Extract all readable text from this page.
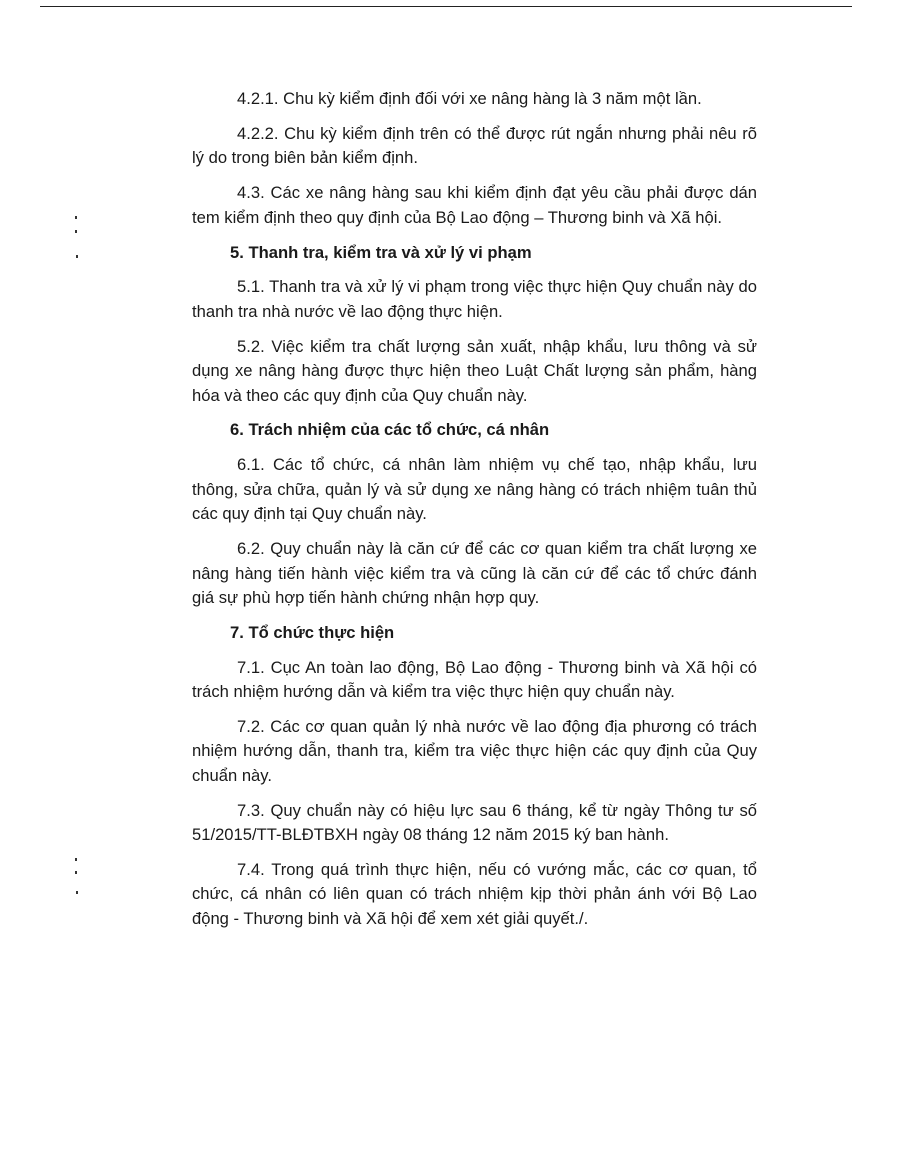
4.2.1. Chu kỳ kiểm định đối với xe nâng hàng là 3 năm một lần.

4.2.2. Chu kỳ kiểm định trên có thể được rút ngắn nhưng phải nêu rõ lý do trong biên bản kiểm định.

4.3. Các xe nâng hàng sau khi kiểm định đạt yêu cầu phải được dán tem kiểm định theo quy định của Bộ Lao động – Thương binh và Xã hội.

5. Thanh tra, kiểm tra và xử lý vi phạm

5.1. Thanh tra và xử lý vi phạm trong việc thực hiện Quy chuẩn này do thanh tra nhà nước về lao động thực hiện.

5.2. Việc kiểm tra chất lượng sản xuất, nhập khẩu, lưu thông và sử dụng xe nâng hàng được thực hiện theo Luật Chất lượng sản phẩm, hàng hóa và theo các quy định của Quy chuẩn này.

6. Trách nhiệm của các tổ chức, cá nhân

6.1. Các tổ chức, cá nhân làm nhiệm vụ chế tạo, nhập khẩu, lưu thông, sửa chữa, quản lý và sử dụng xe nâng hàng có trách nhiệm tuân thủ các quy định tại Quy chuẩn này.

6.2. Quy chuẩn này là căn cứ để các cơ quan kiểm tra chất lượng xe nâng hàng tiến hành việc kiểm tra và cũng là căn cứ để các tổ chức đánh giá sự phù hợp tiến hành chứng nhận hợp quy.

7. Tổ chức thực hiện

7.1. Cục An toàn lao động, Bộ Lao động - Thương binh và Xã hội có trách nhiệm hướng dẫn và kiểm tra việc thực hiện quy chuẩn này.

7.2. Các cơ quan quản lý nhà nước về lao động địa phương có trách nhiệm hướng dẫn, thanh tra, kiểm tra việc thực hiện các quy định của Quy chuẩn này.

7.3. Quy chuẩn này có hiệu lực sau 6 tháng, kể từ ngày Thông tư số 51/2015/TT-BLĐTBXH ngày 08 tháng 12 năm 2015 ký ban hành.

7.4. Trong quá trình thực hiện, nếu có vướng mắc, các cơ quan, tổ chức, cá nhân có liên quan có trách nhiệm kịp thời phản ánh với Bộ Lao động - Thương binh và Xã hội để xem xét giải quyết./.
